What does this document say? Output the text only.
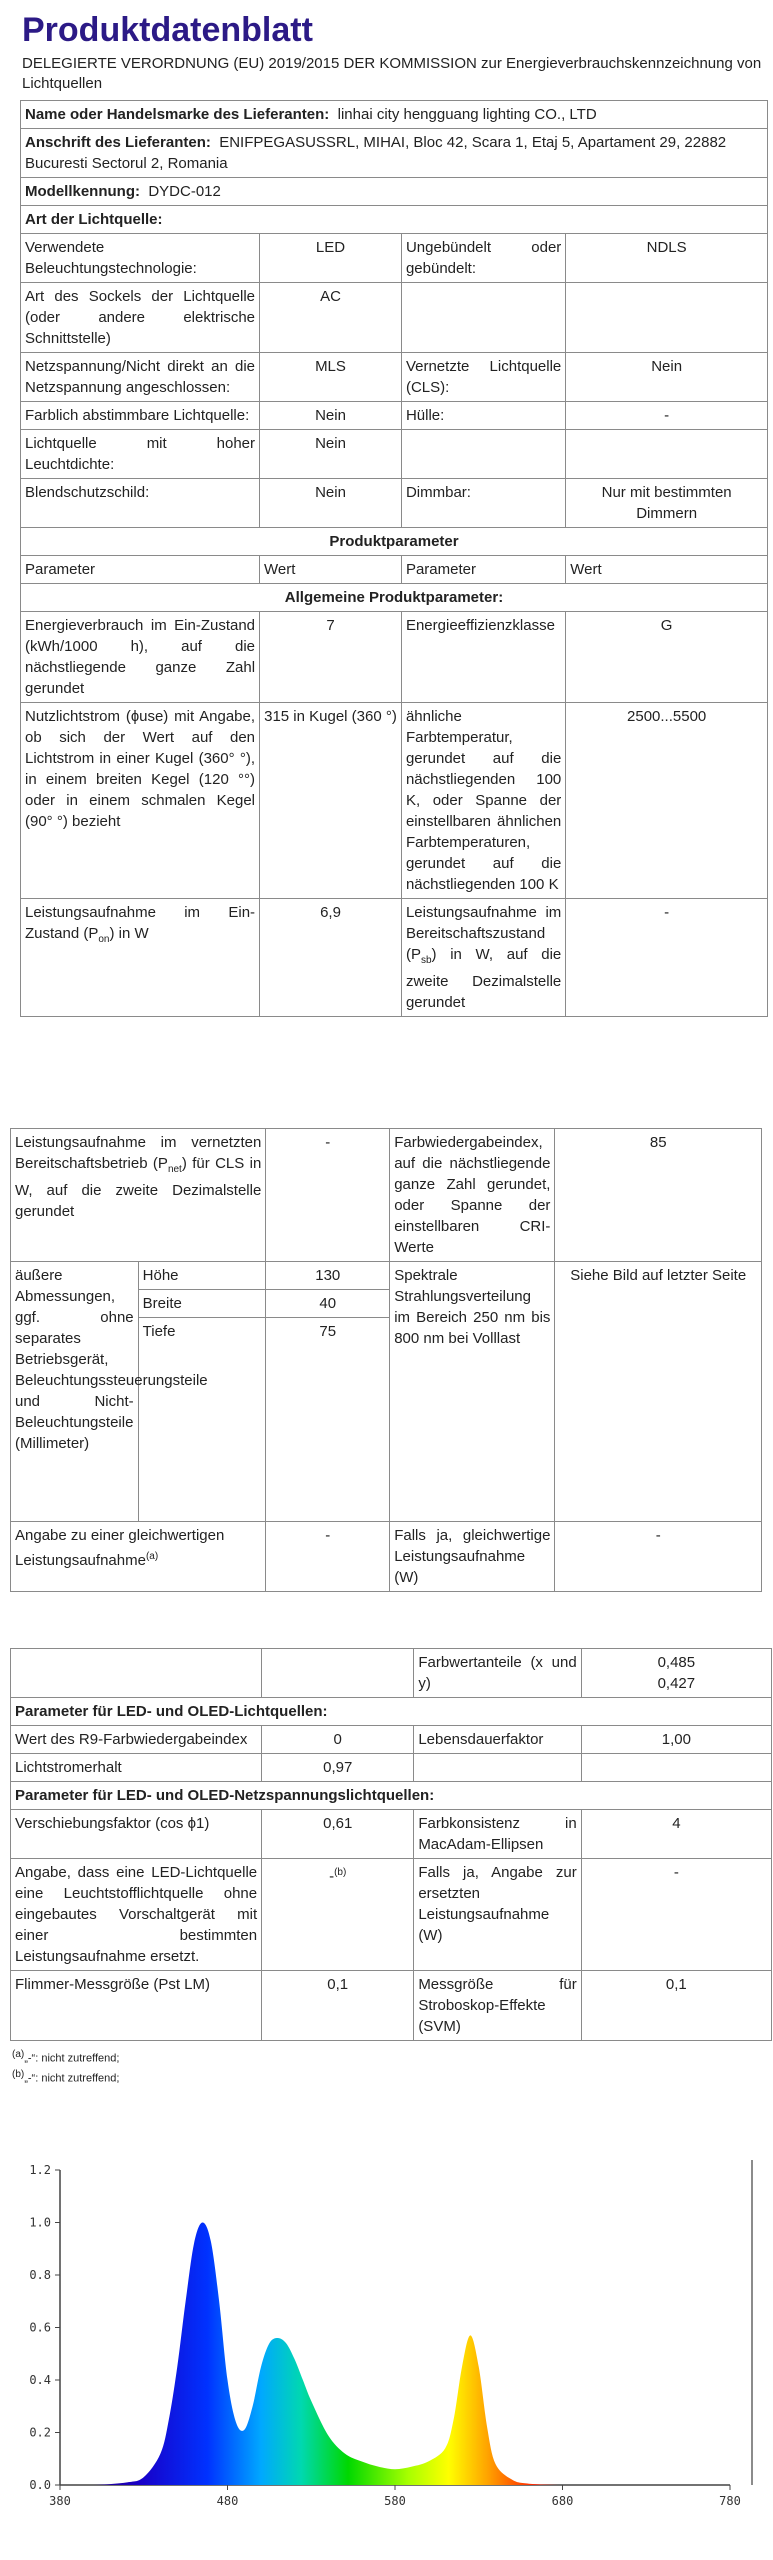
Produktdatenblatt
DELEGIERTE VERORDNUNG (EU) 2019/2015 DER KOMMISSION zur Energieverbrauchskennzeichnung von Lichtquellen
Name oder Handelsmarke des Lieferanten: linhai city hengguang lighting CO., LTD			
Anschrift des Lieferanten: ENIFPEGASUSSRL, MIHAI, Bloc 42, Scara 1, Etaj 5, Apartament 29, 22882 Bucuresti Sectorul 2, Romania			
Modellkennung: DYDC-012			
Art der Lichtquelle:			
Verwendete Beleuchtungstechnologie:	LED	Ungebündelt oder gebündelt:	NDLS
Art des Sockels der Lichtquelle (oder andere elektrische Schnittstelle)	AC		
Netzspannung/Nicht direkt an die Netzspannung angeschlossen:	MLS	Vernetzte Lichtquelle (CLS):	Nein
Farblich abstimmbare Lichtquelle:	Nein	Hülle:	-
Lichtquelle mit hoher Leuchtdichte:	Nein		
Blendschutzschild:	Nein	Dimmbar:	Nur mit bestimmten Dimmern
Produktparameter			
Parameter	Wert	Parameter	Wert
Allgemeine Produktparameter:			
Energieverbrauch im Ein-Zustand (kWh/1000 h), auf die nächstliegende ganze Zahl gerundet	7	Energieeffizienzklasse	G
Nutzlichtstrom (ɸuse) mit Angabe, ob sich der Wert auf den Lichtstrom in einer Kugel (360° °), in einem breiten Kegel (120 °°) oder in einem schmalen Kegel (90° °) bezieht	315 in Kugel (360 °)	ähnliche Farbtemperatur, gerundet auf die nächstliegenden 100 K, oder Spanne der einstellbaren ähnlichen Farbtemperaturen, gerundet auf die nächstliegenden 100 K	2500...5500
Leistungsaufnahme im Ein-Zustand $(P_{on})$ in W	6,9	Leistungsaufnahme im Bereitschaftszustand $(P_{sb})$ in W, auf die zweite Dezimalstelle gerundet	-
Leistungsaufnahme im vernetzten Bereitschaftsbetrieb $(P_{net})$ für CLS in W, auf die zweite Dezimalstelle gerundet		-	Farbwiedergabeindex, auf die nächstliegende ganze Zahl gerundet, oder Spanne der einstellbaren CRI-Werte	85
äußere Abmessungen, ggf. ohne separates Betriebsgerät, Beleuchtungssteuerungsteile und Nicht-Beleuchtungsteile (Millimeter)	Höhe	130	Spektrale Strahlungsverteilung im Bereich 250 nm bis 800 nm bei Volllast	Siehe Bild auf letzter Seite
	Breite	40		
	Tiefe	75		
Angabe zu einer gleichwertigen Leistungsaufnahme$^{(a)}$		-	Falls ja, gleichwertige Leistungsaufnahme (W)	-
		Farbwertanteile (x und y)	0,485
0,427

Parameter für LED- und OLED-Lichtquellen:			
Wert des R9-Farbwiedergabeindex	0	Lebensdauerfaktor	1,00
Lichtstromerhalt	0,97		
Parameter für LED- und OLED-Netzspannungslichtquellen:			
Verschiebungsfaktor (cos ϕ1)	0,61	Farbkonsistenz in MacAdam-Ellipsen	4
Angabe, dass eine LED-Lichtquelle eine Leuchtstofflichtquelle ohne eingebautes Vorschaltgerät mit einer bestimmten Leistungsaufnahme ersetzt.	-$^{(b)}$	Falls ja, Angabe zur ersetzten Leistungsaufnahme (W)	-
Flimmer-Messgröße (Pst LM)	0,1	Messgröße für Stroboskop-Effekte (SVM)	0,1
$^{(a)}$„-“: nicht zutreffend;
$^{(b)}$„-“: nicht zutreffend;
0.0
0.2
0.4
0.6
0.8
1.0
1.2
380	480	580	680	780
